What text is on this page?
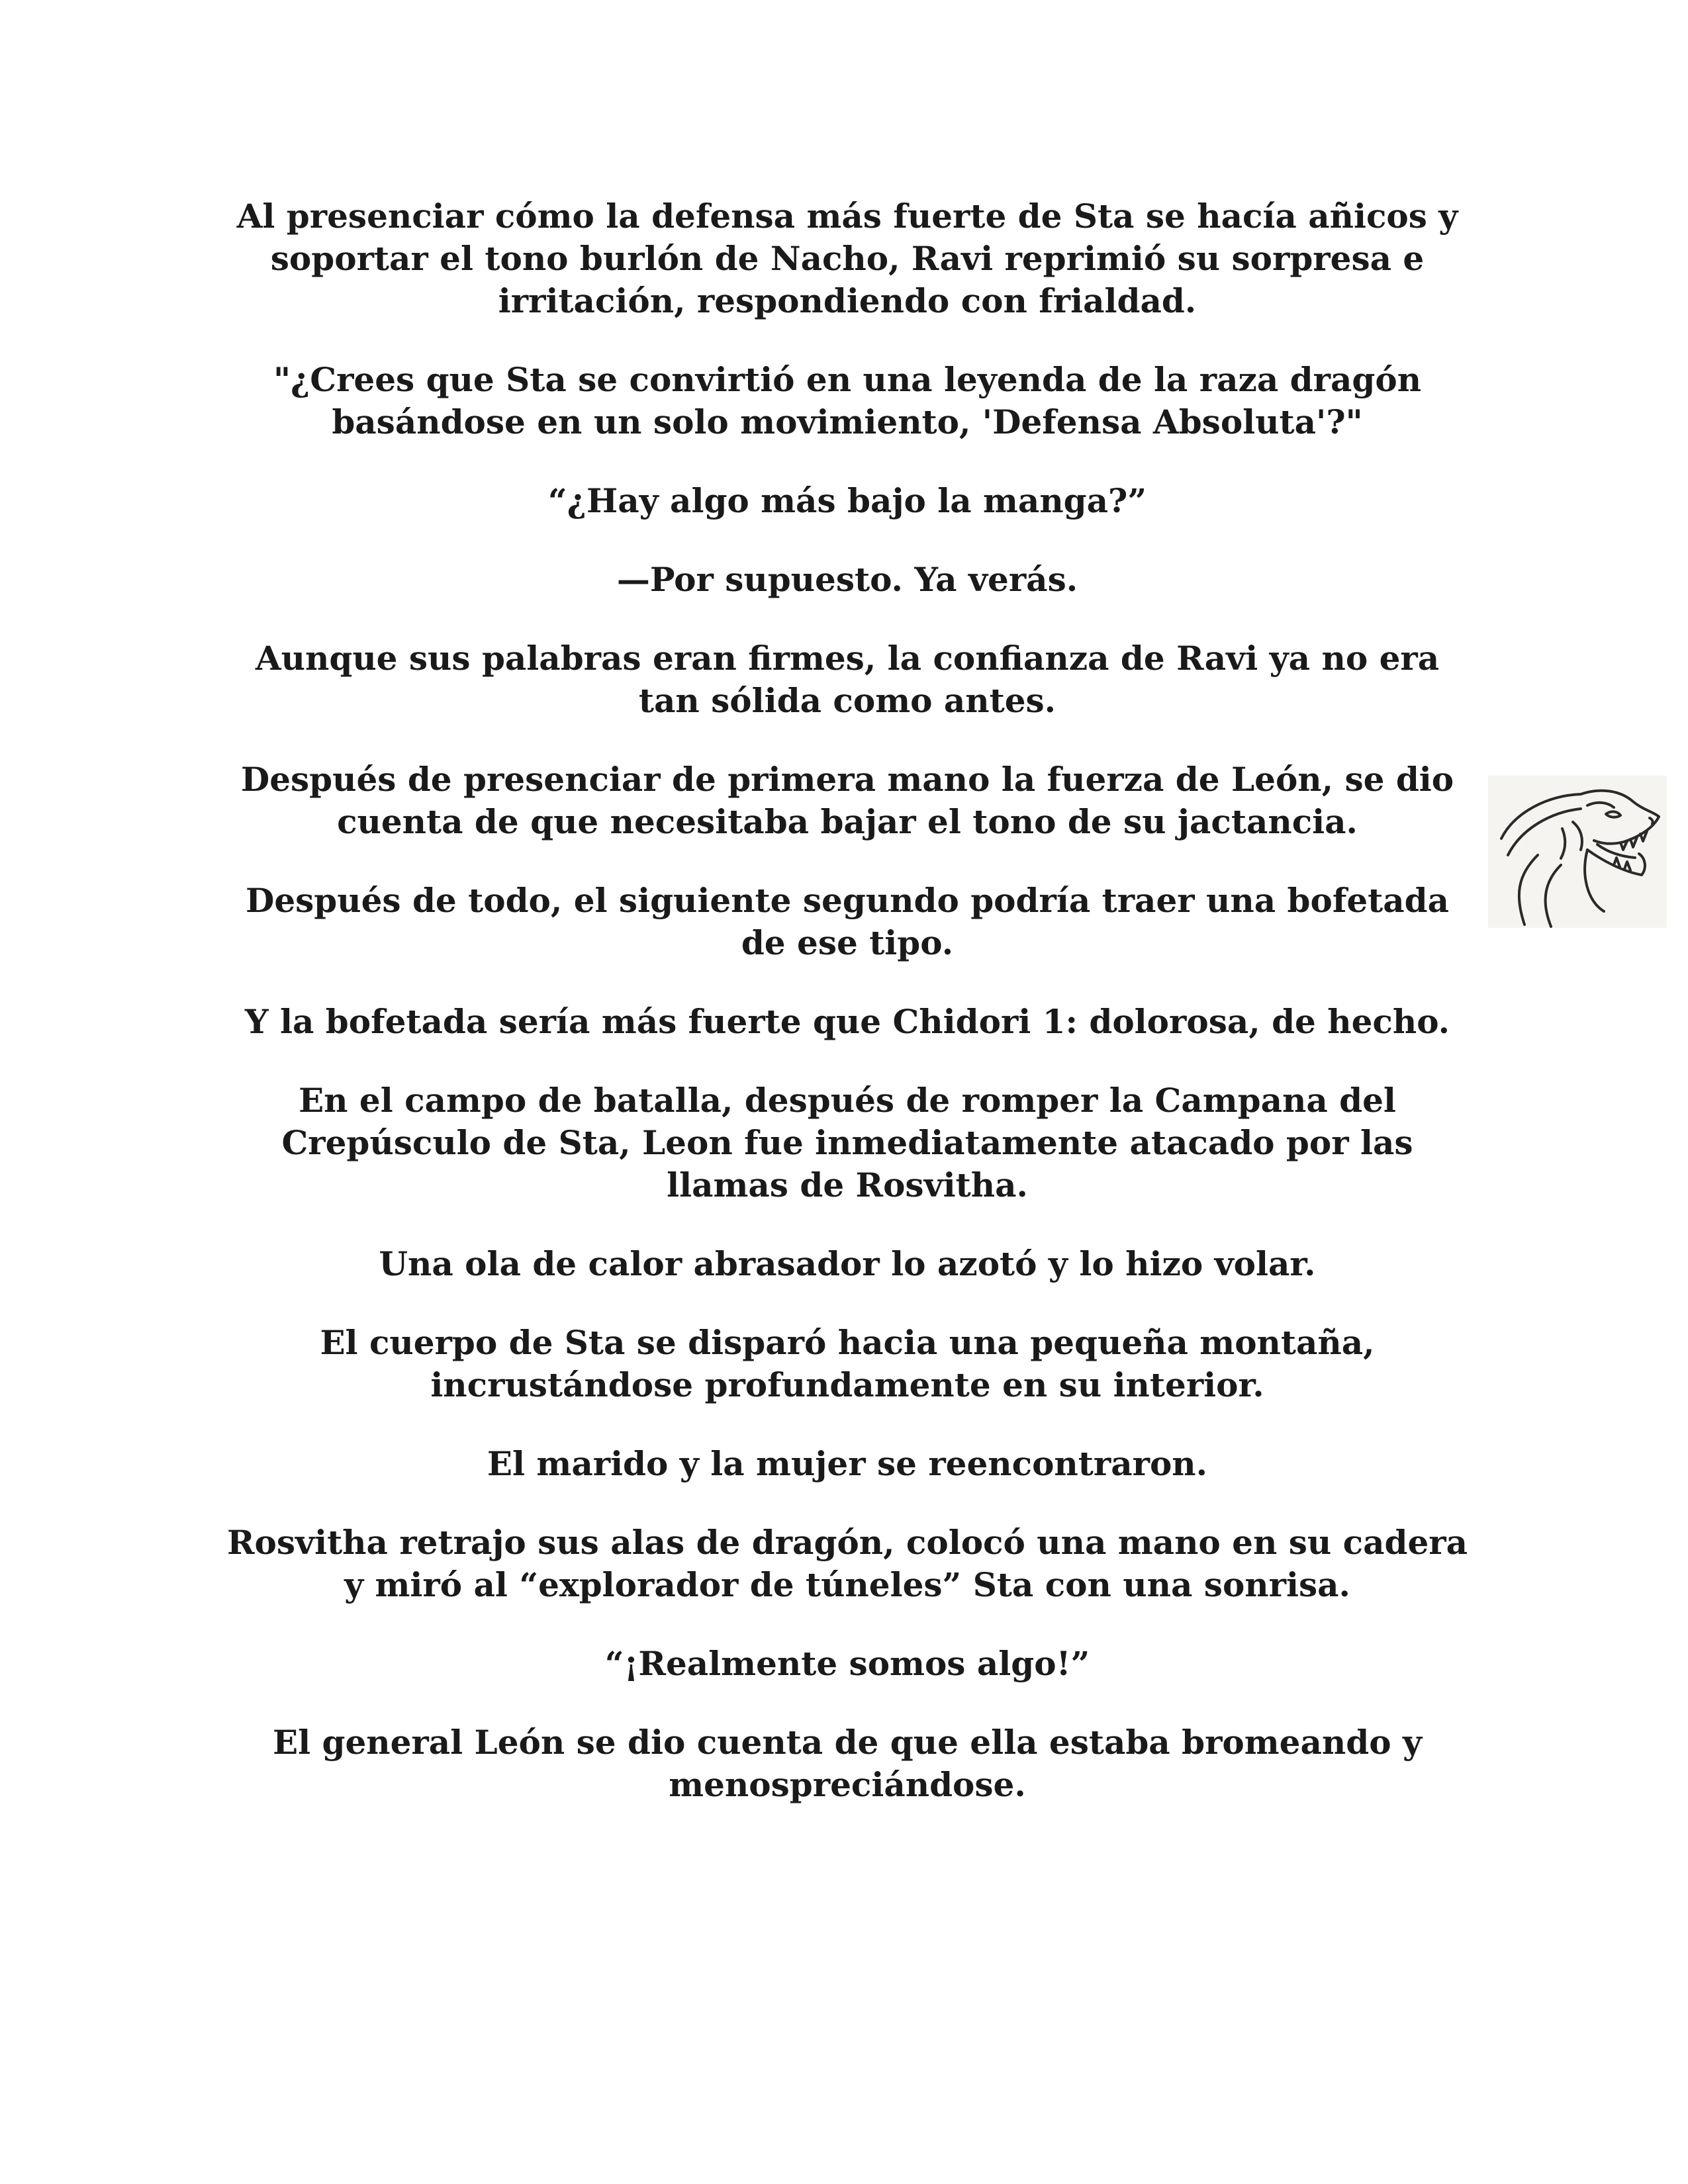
Al presenciar cómo la defensa más fuerte de Sta se hacía añicos y soportar el tono burlón de Nacho, Ravi reprimió su sorpresa e irritación, respondiendo con frialdad.

"¿Crees que Sta se convirtió en una leyenda de la raza dragón basándose en un solo movimiento, 'Defensa Absoluta'?"

“¿Hay algo más bajo la manga?”

—Por supuesto. Ya verás.

Aunque sus palabras eran firmes, la confianza de Ravi ya no era tan sólida como antes.

Después de presenciar de primera mano la fuerza de León, se dio cuenta de que necesitaba bajar el tono de su jactancia.

Después de todo, el siguiente segundo podría traer una bofetada de ese tipo.

Y la bofetada sería más fuerte que Chidori 1: dolorosa, de hecho.

En el campo de batalla, después de romper la Campana del Crepúsculo de Sta, Leon fue inmediatamente atacado por las llamas de Rosvitha.

Una ola de calor abrasador lo azotó y lo hizo volar.

El cuerpo de Sta se disparó hacia una pequeña montaña, incrustándose profundamente en su interior.

El marido y la mujer se reencontraron.

Rosvitha retrajo sus alas de dragón, colocó una mano en su cadera y miró al “explorador de túneles” Sta con una sonrisa.

“¡Realmente somos algo!”

El general León se dio cuenta de que ella estaba bromeando y menospreciándose.
